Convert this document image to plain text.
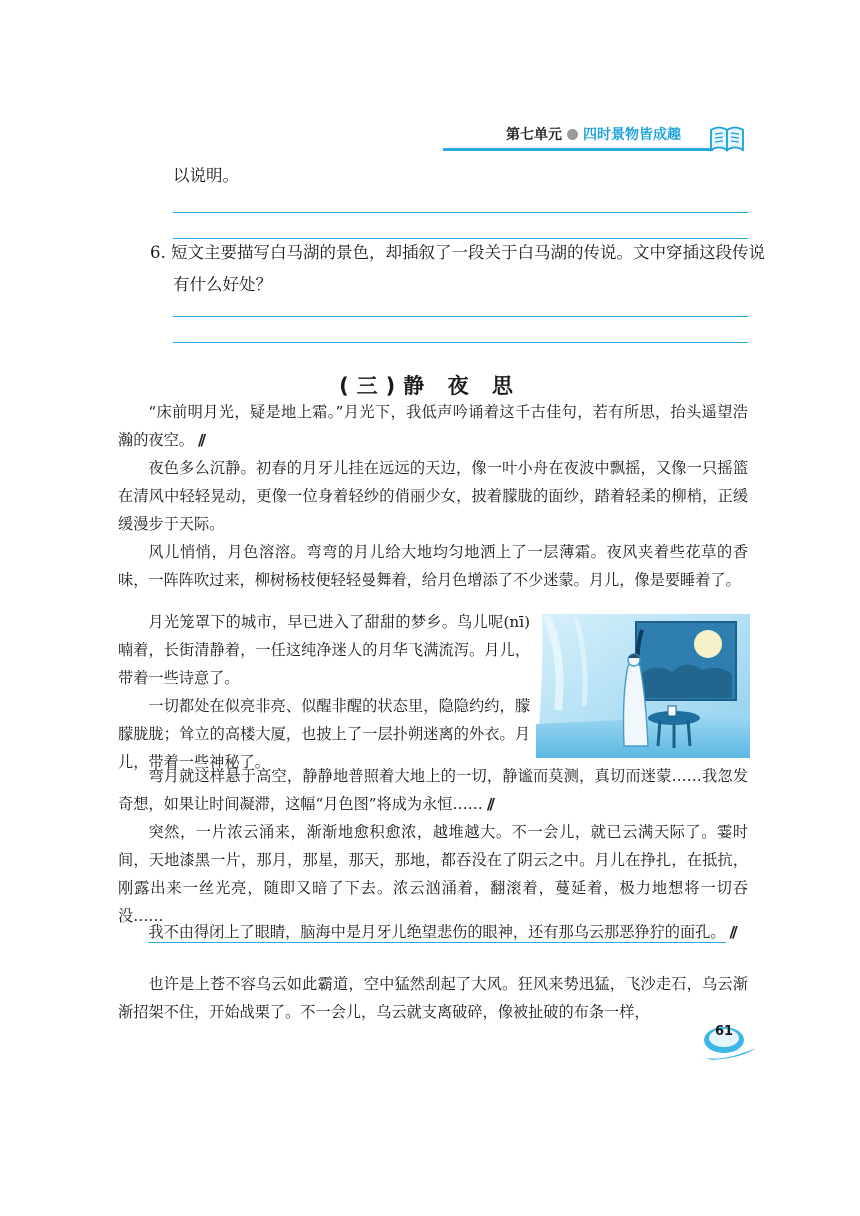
第七单元 四时景物皆成趣
以说明。
6. 短文主要描写白马湖的景色，却插叙了一段关于白马湖的传说。文中穿插这段传说有什么好处？
(三)静 夜 思
“床前明月光，疑是地上霜。”月光下，我低声吟诵着这千古佳句，若有所思，抬头遥望浩瀚的夜空。 //
夜色多么沉静。初春的月牙儿挂在远远的天边，像一叶小舟在夜波中飘摇，又像一只摇篮在清风中轻轻晃动，更像一位身着轻纱的俏丽少女，披着朦胧的面纱，踏着轻柔的柳梢，正缓缓漫步于天际。
风儿悄悄，月色溶溶。弯弯的月儿给大地均匀地洒上了一层薄霜。夜风夹着些花草的香味，一阵阵吹过来，柳树杨枝便轻轻曼舞着，给月色增添了不少迷蒙。月儿，像是要睡着了。
月光笼罩下的城市，早已进入了甜甜的梦乡。鸟儿呢(nī)喃着，长街清静着，一任这纯净迷人的月华飞满流泻。月儿，带着一些诗意了。
一切都处在似亮非亮、似醒非醒的状态里，隐隐约约，朦朦胧胧；耸立的高楼大厦，也披上了一层扑朔迷离的外衣。月儿，带着一些神秘了。
弯月就这样悬于高空，静静地普照着大地上的一切，静谧而莫测，真切而迷蒙……我忽发奇想，如果让时间凝滞，这幅“月色图”将成为永恒…… //
突然，一片浓云涌来，渐渐地愈积愈浓，越堆越大。不一会儿，就已云满天际了。霎时间，天地漆黑一片，那月，那星，那天，那地，都吞没在了阴云之中。月儿在挣扎，在抵抗，刚露出来一丝光亮，随即又暗了下去。浓云汹涌着，翻滚着，蔓延着，极力地想将一切吞没……
我不由得闭上了眼睛，脑海中是月牙儿绝望悲伤的眼神，还有那乌云那恶狰狞的面孔。 //
也许是上苍不容乌云如此霸道，空中猛然刮起了大风。狂风来势迅猛，飞沙走石，乌云渐渐招架不住，开始战栗了。不一会儿，乌云就支离破碎，像被扯破的布条一样，
61
